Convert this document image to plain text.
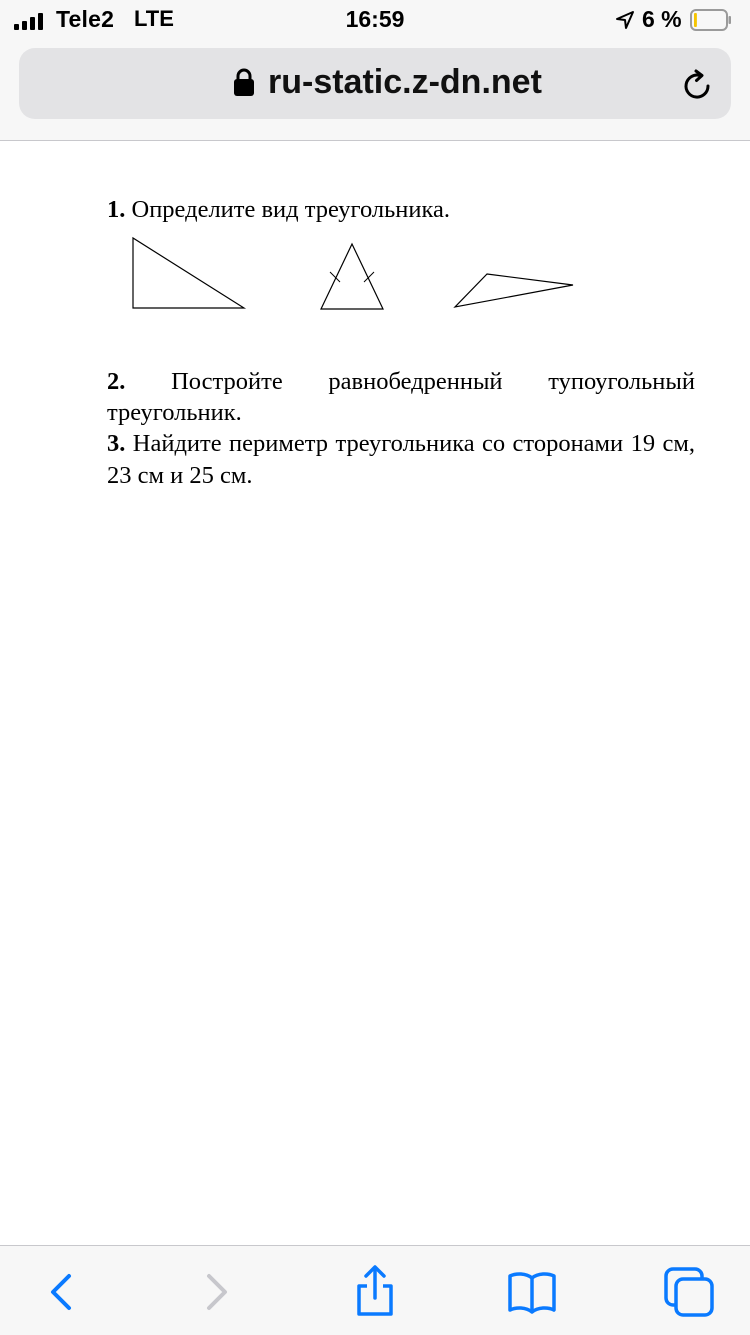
Tele2 LTE	16:59	6 %
ru-static.z-dn.net
1. Определите вид треугольника.
2. Постройте равнобедренный тупоугольный
треугольник.
3. Найдите периметр треугольника со сторонами 19 см, 23 см и 25 см.
